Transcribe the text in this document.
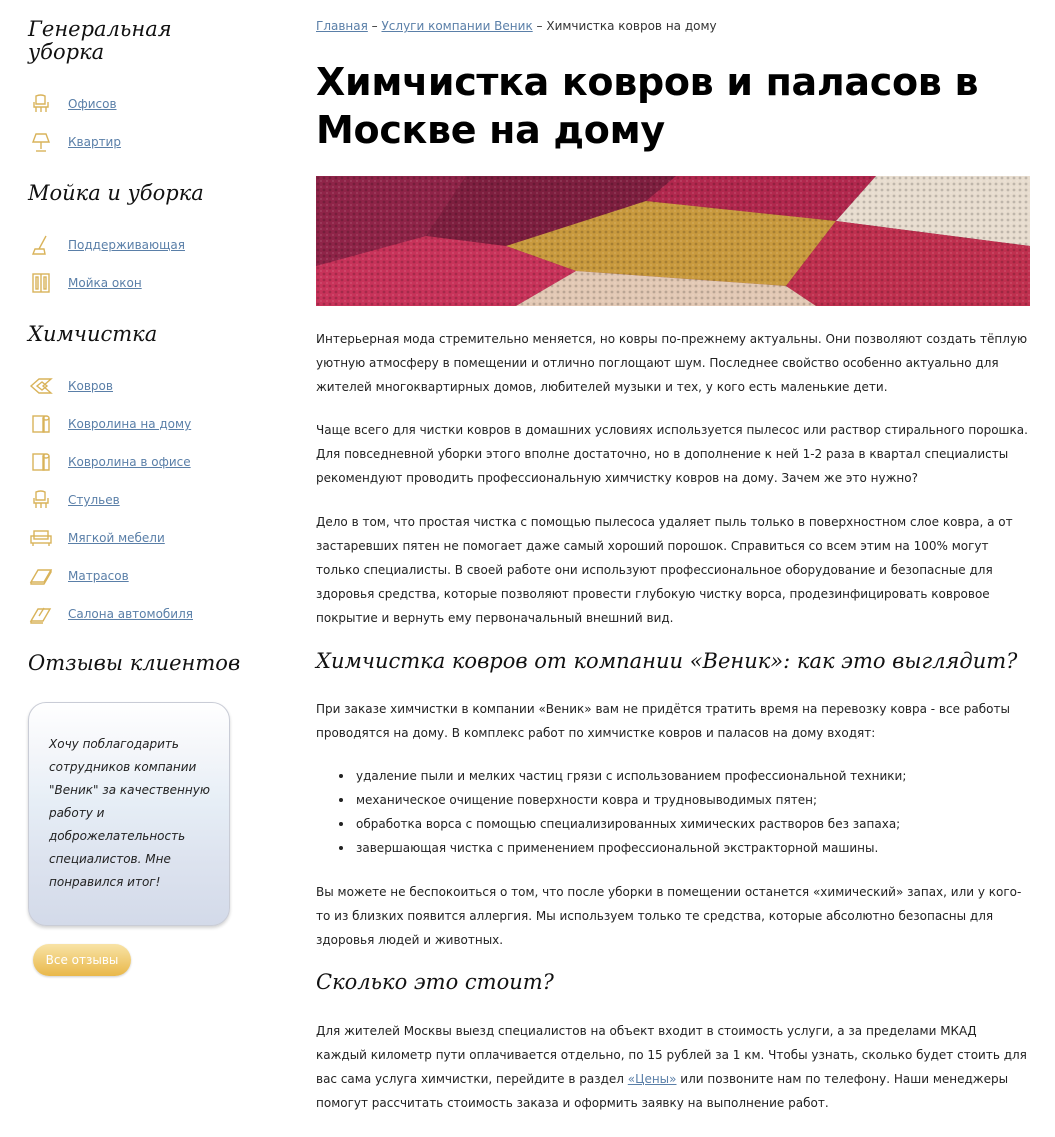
Генеральная уборка
Офисов
Квартир
Мойка и уборка
Поддерживающая
Мойка окон
Химчистка
Ковров
Ковролина на дому
Ковролина в офисе
Стульев
Мягкой мебели
Матрасов
Салона автомобиля
Отзывы клиентов
Хочу поблагодарить сотрудников компании "Веник" за качественную работу и доброжелательность специалистов. Мне понравился итог!
Все отзывы
Главная – Услуги компании Веник – Химчистка ковров на дому
Химчистка ковров и паласов в Москве на дому

Интерьерная мода стремительно меняется, но ковры по-прежнему актуальны. Они позволяют создать тёплую уютную атмосферу в помещении и отлично поглощают шум. Последнее свойство особенно актуально для жителей многоквартирных домов, любителей музыки и тех, у кого есть маленькие дети.

Чаще всего для чистки ковров в домашних условиях используется пылесос или раствор стирального порошка. Для повседневной уборки этого вполне достаточно, но в дополнение к ней 1-2 раза в квартал специалисты рекомендуют проводить профессиональную химчистку ковров на дому. Зачем же это нужно?

Дело в том, что простая чистка с помощью пылесоса удаляет пыль только в поверхностном слое ковра, а от застаревших пятен не помогает даже самый хороший порошок. Справиться со всем этим на 100% могут только специалисты. В своей работе они используют профессиональное оборудование и безопасные для здоровья средства, которые позволяют провести глубокую чистку ворса, продезинфицировать ковровое покрытие и вернуть ему первоначальный внешний вид.

Химчистка ковров от компании «Веник»: как это выглядит?

При заказе химчистки в компании «Веник» вам не придётся тратить время на перевозку ковра - все работы проводятся на дому. В комплекс работ по химчистке ковров и паласов на дому входят:

удаление пыли и мелких частиц грязи с использованием профессиональной техники;
механическое очищение поверхности ковра и трудновыводимых пятен;
обработка ворса с помощью специализированных химических растворов без запаха;
завершающая чистка с применением профессиональной экстракторной машины.

Вы можете не беспокоиться о том, что после уборки в помещении останется «химический» запах, или у кого-то из близких появится аллергия. Мы используем только те средства, которые абсолютно безопасны для здоровья людей и животных.

Сколько это стоит?

Для жителей Москвы выезд специалистов на объект входит в стоимость услуги, а за пределами МКАД каждый километр пути оплачивается отдельно, по 15 рублей за 1 км. Чтобы узнать, сколько будет стоить для вас сама услуга химчистки, перейдите в раздел «Цены» или позвоните нам по телефону. Наши менеджеры помогут рассчитать стоимость заказа и оформить заявку на выполнение работ.
